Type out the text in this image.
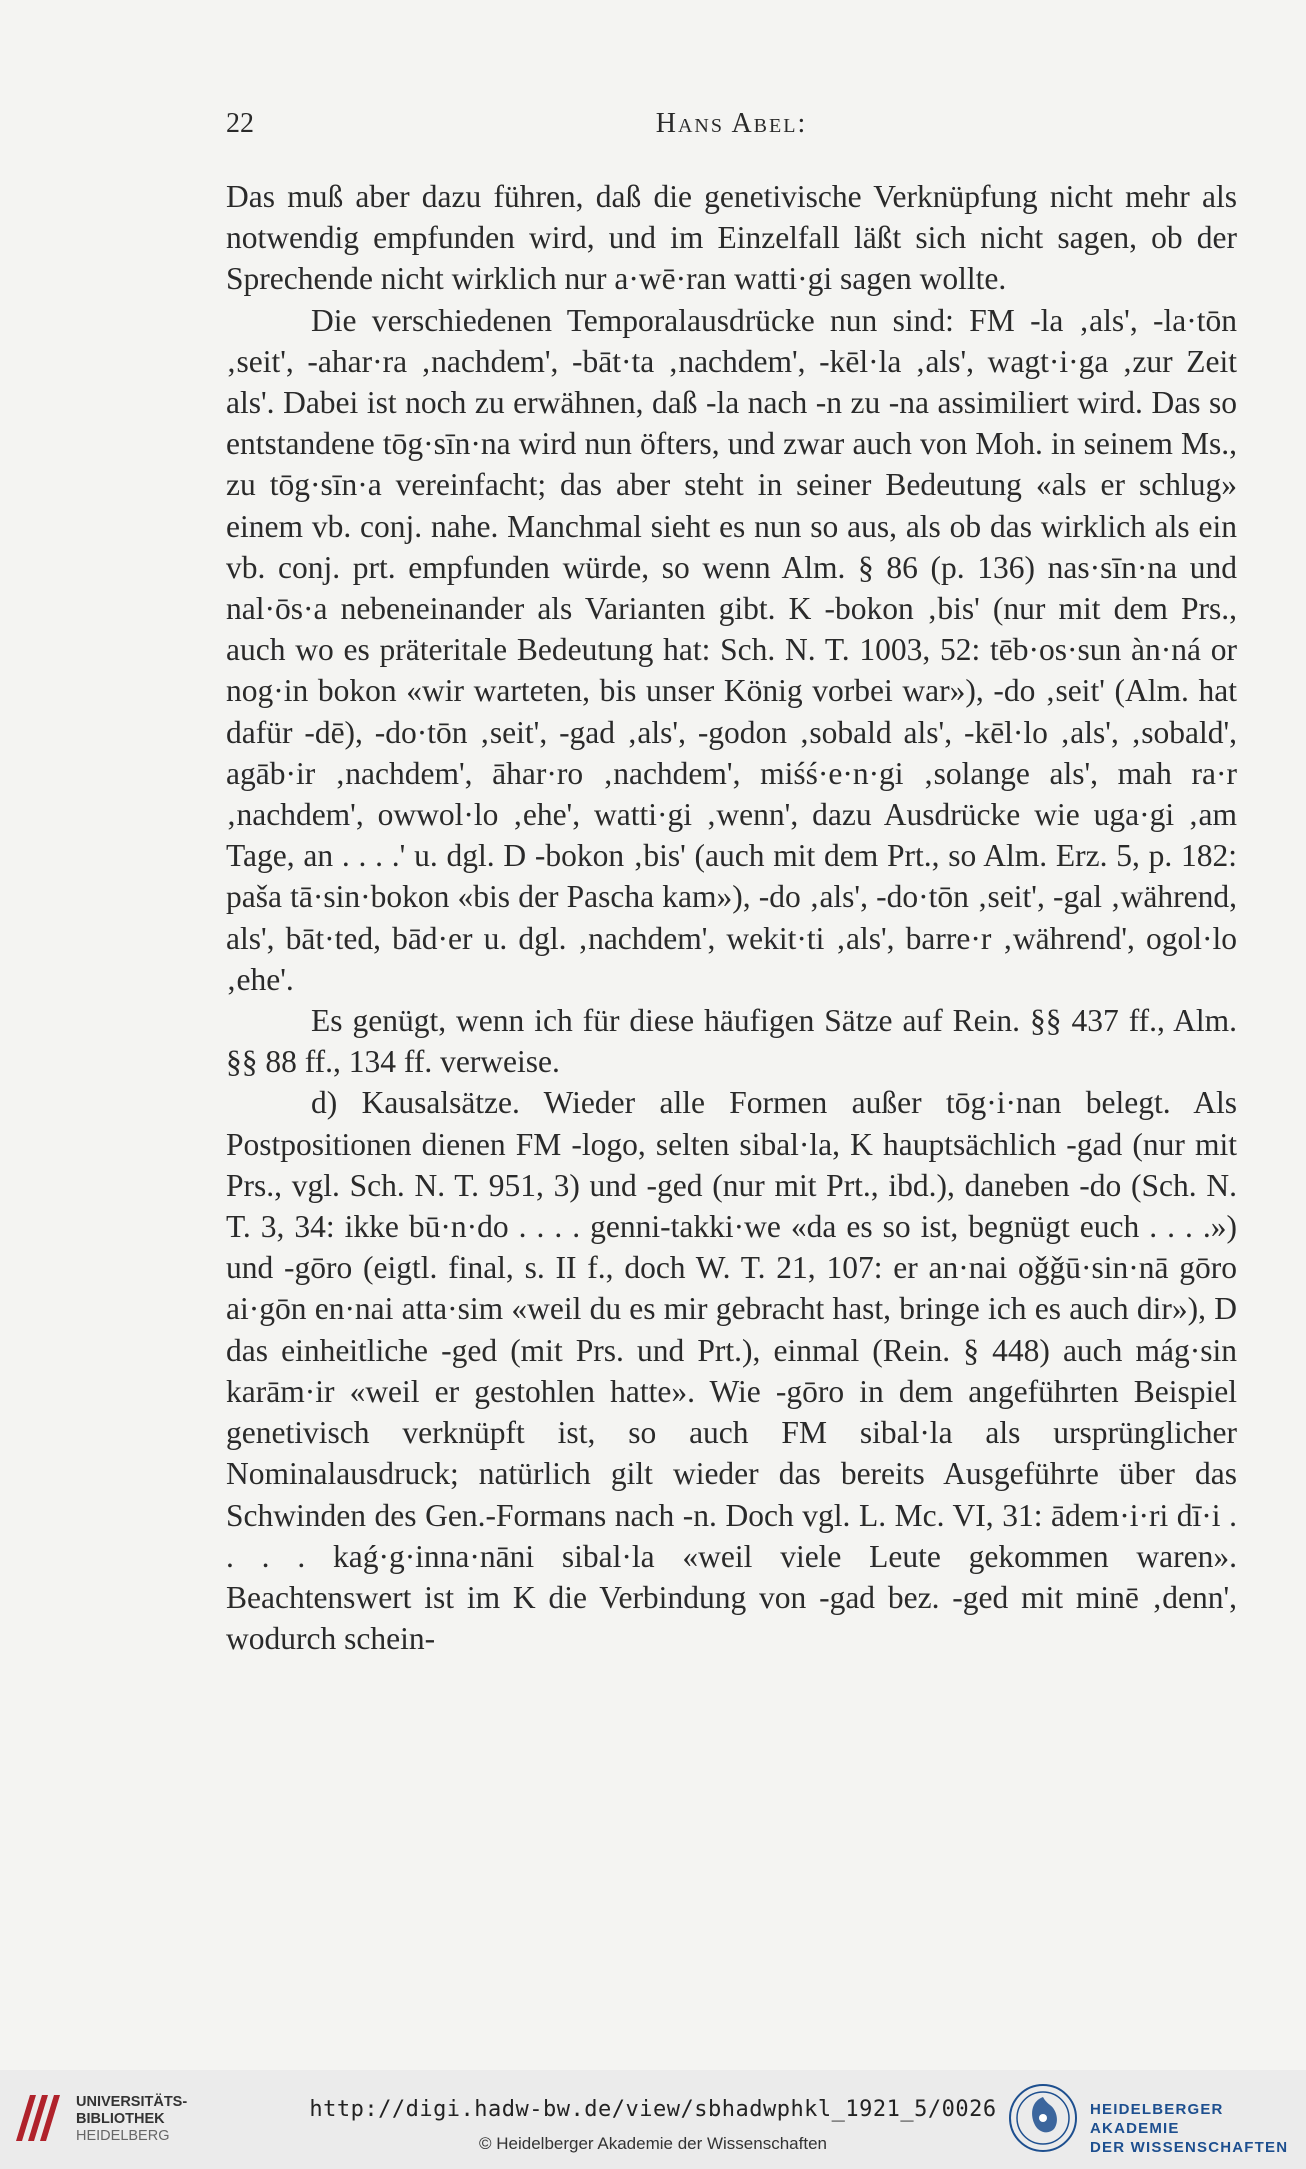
22	Hans Abel:

Das muß aber dazu führen, daß die genetivische Verknüpfung nicht mehr als notwendig empfunden wird, und im Einzelfall läßt sich nicht sagen, ob der Sprechende nicht wirklich nur a·wē·ran watti·gi sagen wollte.

Die verschiedenen Temporalausdrücke nun sind: FM -la ‚als', -la·tōn ‚seit', -ahar·ra ‚nachdem', -bāt·ta ‚nachdem', -kēl·la ‚als', wagt·i·ga ‚zur Zeit als'. Dabei ist noch zu erwähnen, daß -la nach -n zu -na assimiliert wird. Das so entstandene tōg·sīn·na wird nun öfters, und zwar auch von Moh. in seinem Ms., zu tōg·sīn·a vereinfacht; das aber steht in seiner Bedeutung «als er schlug» einem vb. conj. nahe. Manchmal sieht es nun so aus, als ob das wirklich als ein vb. conj. prt. empfunden würde, so wenn Alm. § 86 (p. 136) nas·sīn·na und nal·ōs·a nebeneinander als Varianten gibt. K -bokon ‚bis' (nur mit dem Prs., auch wo es präteritale Bedeutung hat: Sch. N. T. 1003, 52: tēb·os·sun àn·ná or nog·in bokon «wir warteten, bis unser König vorbei war»), -do ‚seit' (Alm. hat dafür -dē), -do·tōn ‚seit', -gad ‚als', -godon ‚sobald als', -kēl·lo ‚als', ‚sobald', agāb·ir ‚nachdem', āhar·ro ‚nachdem', miśś·e·n·gi ‚solange als', mah ra·r ‚nachdem', owwol·lo ‚ehe', watti·gi ‚wenn', dazu Ausdrücke wie uga·gi ‚am Tage, an . . . .' u. dgl. D -bokon ‚bis' (auch mit dem Prt., so Alm. Erz. 5, p. 182: paša tā·sin·bokon «bis der Pascha kam»), -do ‚als', -do·tōn ‚seit', -gal ‚während, als', bāt·ted, bād·er u. dgl. ‚nachdem', wekit·ti ‚als', barre·r ‚während', ogol·lo ‚ehe'.

Es genügt, wenn ich für diese häufigen Sätze auf Rein. §§ 437 ff., Alm. §§ 88 ff., 134 ff. verweise.

d) Kausalsätze. Wieder alle Formen außer tōg·i·nan belegt. Als Postpositionen dienen FM -logo, selten sibal·la, K hauptsächlich -gad (nur mit Prs., vgl. Sch. N. T. 951, 3) und -ged (nur mit Prt., ibd.), daneben -do (Sch. N. T. 3, 34: ikke bū·n·do . . . . genni-takki·we «da es so ist, begnügt euch . . . .») und -gōro (eigtl. final, s. II f., doch W. T. 21, 107: er an·nai oǧǧū·sin·nā gōro ai·gōn en·nai atta·sim «weil du es mir gebracht hast, bringe ich es auch dir»), D das einheitliche -ged (mit Prs. und Prt.), einmal (Rein. § 448) auch mág·sin karām·ir «weil er gestohlen hatte». Wie -gōro in dem angeführten Beispiel genetivisch verknüpft ist, so auch FM sibal·la als ursprünglicher Nominalausdruck; natürlich gilt wieder das bereits Ausgeführte über das Schwinden des Gen.-Formans nach -n. Doch vgl. L. Mc. VI, 31: ādem·i·ri dī·i . . . . kaǵ·g·inna·nāni sibal·la «weil viele Leute gekommen waren». Beachtenswert ist im K die Verbindung von -gad bez. -ged mit minē ‚denn', wodurch schein-

UNIVERSITÄTS-
BIBLIOTHEK
HEIDELBERG
http://digi.hadw-bw.de/view/sbhadwphkl_1921_5/0026
© Heidelberger Akademie der Wissenschaften
HEIDELBERGER AKADEMIE
DER WISSENSCHAFTEN
